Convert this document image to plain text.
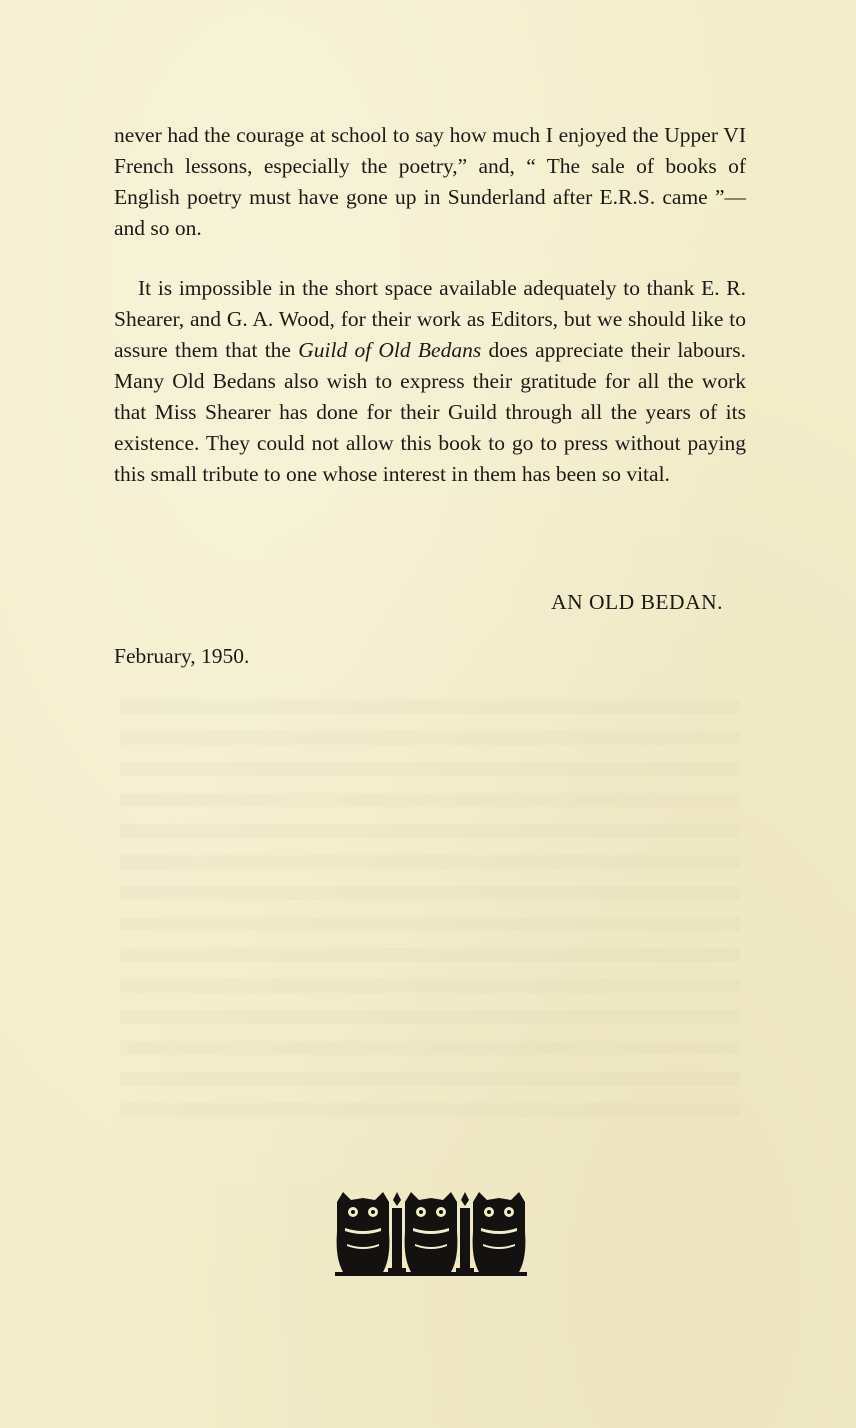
never had the courage at school to say how much I enjoyed the Upper VI French lessons, especially the poetry,” and, “ The sale of books of English poetry must have gone up in Sunderland after E.R.S. came ”—and so on.

It is impossible in the short space available adequately to thank E. R. Shearer, and G. A. Wood, for their work as Editors, but we should like to assure them that the Guild of Old Bedans does appreciate their labours. Many Old Bedans also wish to express their gratitude for all the work that Miss Shearer has done for their Guild through all the years of its existence. They could not allow this book to go to press without paying this small tribute to one whose interest in them has been so vital.

AN OLD BEDAN.
February, 1950.
